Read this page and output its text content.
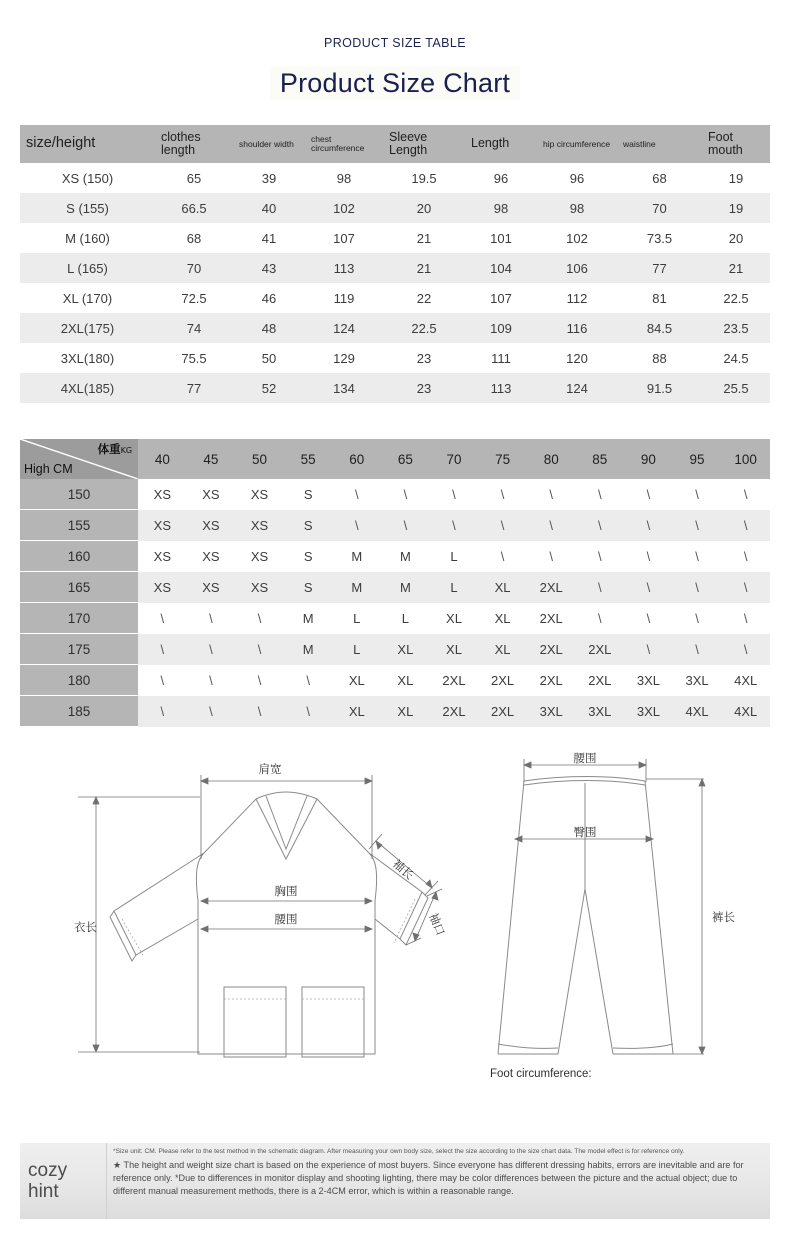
PRODUCT SIZE TABLE
Product Size Chart
size/height	clothes length	shoulder width	chest circumference	Sleeve Length	Length	hip circumference	waistline	Foot mouth
XS (150)	65	39	98	19.5	96	96	68	19
S (155)	66.5	40	102	20	98	98	70	19
M (160)	68	41	107	21	101	102	73.5	20
L (165)	70	43	113	21	104	106	77	21
XL (170)	72.5	46	119	22	107	112	81	22.5
2XL(175)	74	48	124	22.5	109	116	84.5	23.5
3XL(180)	75.5	50	129	23	111	120	88	24.5
4XL(185)	77	52	134	23	113	124	91.5	25.5
体重KG
High CM	40	45	50	55	60	65	70	75	80	85	90	95	100
150	XS	XS	XS	S	\	\	\	\	\	\	\	\	\
155	XS	XS	XS	S	\	\	\	\	\	\	\	\	\
160	XS	XS	XS	S	M	M	L	\	\	\	\	\	\
165	XS	XS	XS	S	M	M	L	XL	2XL	\	\	\	\
170	\	\	\	M	L	L	XL	XL	2XL	\	\	\	\
175	\	\	\	M	L	XL	XL	XL	2XL	2XL	\	\	\
180	\	\	\	\	XL	XL	2XL	2XL	2XL	2XL	3XL	3XL	4XL
185	\	\	\	\	XL	XL	2XL	2XL	3XL	3XL	3XL	4XL	4XL
肩宽
胸围
腰围
衣长
袖长
袖口
腰围
臀围
裤长
Foot circumference:
cozy
hint
*Size unit: CM. Please refer to the test method in the schematic diagram. After measuring your own body size, select the size according to the size chart data. The model effect is for reference only.
★ The height and weight size chart is based on the experience of most buyers. Since everyone has different dressing habits, errors are inevitable and are for reference only. *Due to differences in monitor display and shooting lighting, there may be color differences between the picture and the actual object; due to different manual measurement methods, there is a 2-4CM error, which is within a reasonable range.
